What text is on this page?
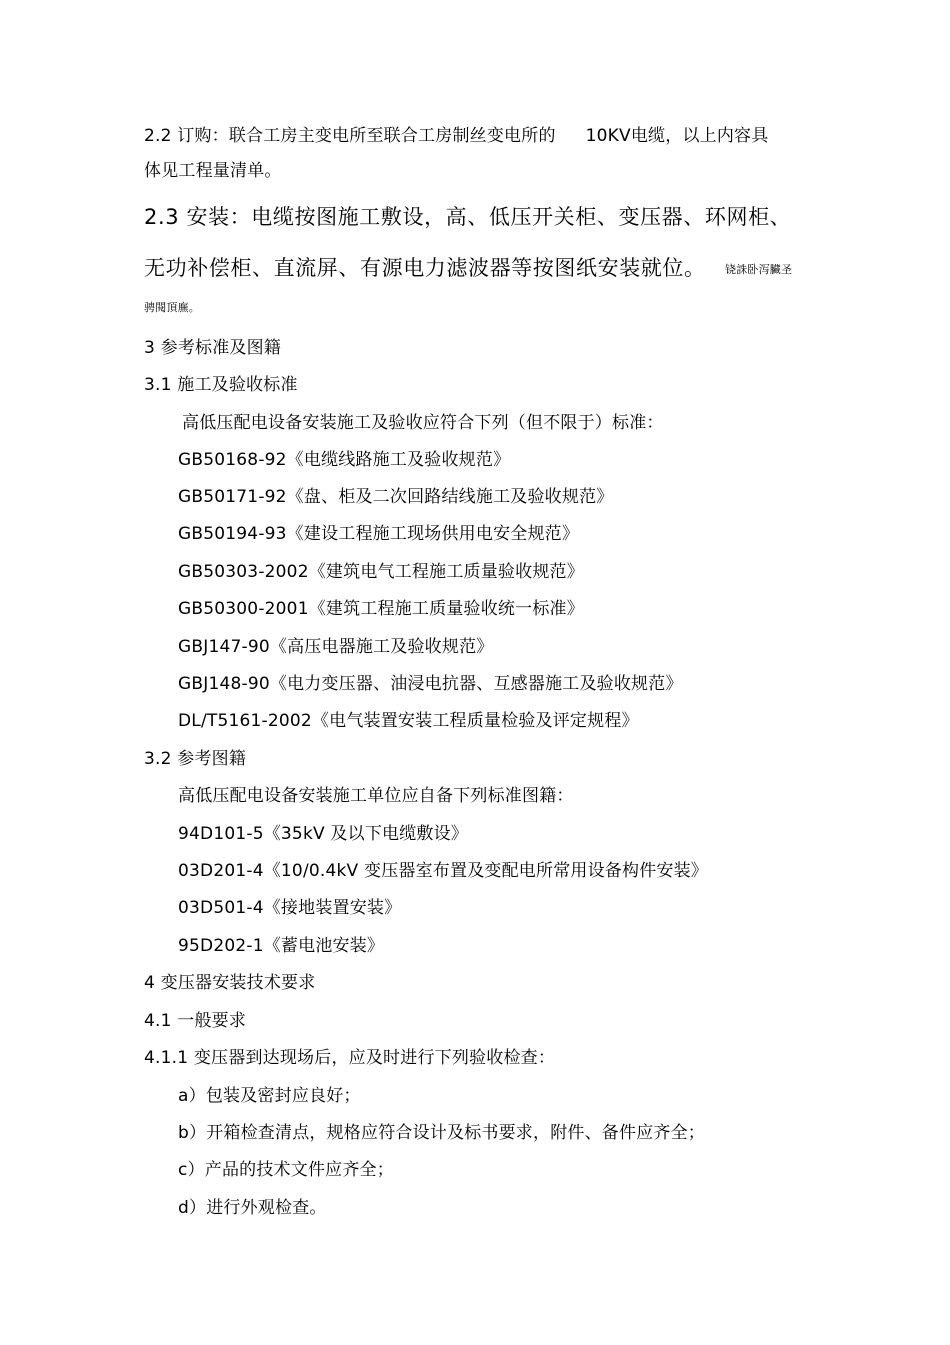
2.2 订购：联合工房主变电所至联合工房制丝变电所的 10KV电缆，以上内容具
体见工程量清单。
2.3 安装：电缆按图施工敷设，高、低压开关柜、变压器、环网柜、
无功补偿柜、直流屏、有源电力滤波器等按图纸安装就位。 铙誅卧泻臟圣
骋閱頂廡。
3 参考标准及图籍
3.1 施工及验收标准
高低压配电设备安装施工及验收应符合下列（但不限于）标准：
GB50168-92《电缆线路施工及验收规范》
GB50171-92《盘、柜及二次回路结线施工及验收规范》
GB50194-93《建设工程施工现场供用电安全规范》
GB50303-2002《建筑电气工程施工质量验收规范》
GB50300-2001《建筑工程施工质量验收统一标准》
GBJ147-90《高压电器施工及验收规范》
GBJ148-90《电力变压器、油浸电抗器、互感器施工及验收规范》
DL/T5161-2002《电气装置安装工程质量检验及评定规程》
3.2 参考图籍
高低压配电设备安装施工单位应自备下列标准图籍：
94D101-5《35kV 及以下电缆敷设》
03D201-4《10/0.4kV 变压器室布置及变配电所常用设备构件安装》
03D501-4《接地装置安装》
95D202-1《蓄电池安装》
4 变压器安装技术要求
4.1 一般要求
4.1.1 变压器到达现场后，应及时进行下列验收检查：
a）包装及密封应良好；
b）开箱检查清点，规格应符合设计及标书要求，附件、备件应齐全；
c）产品的技术文件应齐全；
d）进行外观检查。
